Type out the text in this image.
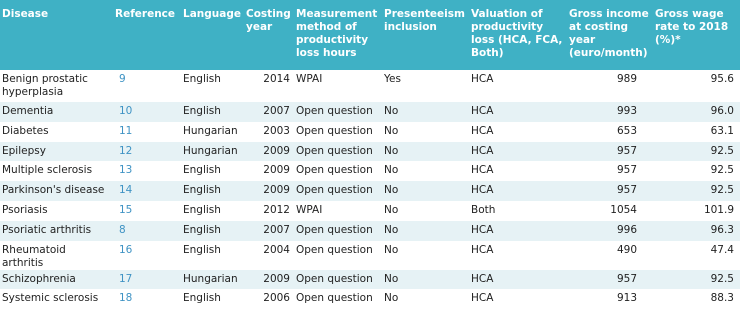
Disease	Reference	Language	Costing year	Measurement method of productivity loss hours	Presenteeism inclusion	Valuation of productivity loss (HCA, FCA, Both)	Gross income at costing year (euro/month)	Gross wage rate to 2018 (%)*
Benign prostatic hyperplasia	9	English	2014	WPAI	Yes	HCA	989	95.6
Dementia	10	English	2007	Open question	No	HCA	993	96.0
Diabetes	11	Hungarian	2003	Open question	No	HCA	653	63.1
Epilepsy	12	Hungarian	2009	Open question	No	HCA	957	92.5
Multiple sclerosis	13	English	2009	Open question	No	HCA	957	92.5
Parkinson's disease	14	English	2009	Open question	No	HCA	957	92.5
Psoriasis	15	English	2012	WPAI	No	Both	1054	101.9
Psoriatic arthritis	8	English	2007	Open question	No	HCA	996	96.3
Rheumatoid arthritis	16	English	2004	Open question	No	HCA	490	47.4
Schizophrenia	17	Hungarian	2009	Open question	No	HCA	957	92.5
Systemic sclerosis	18	English	2006	Open question	No	HCA	913	88.3
